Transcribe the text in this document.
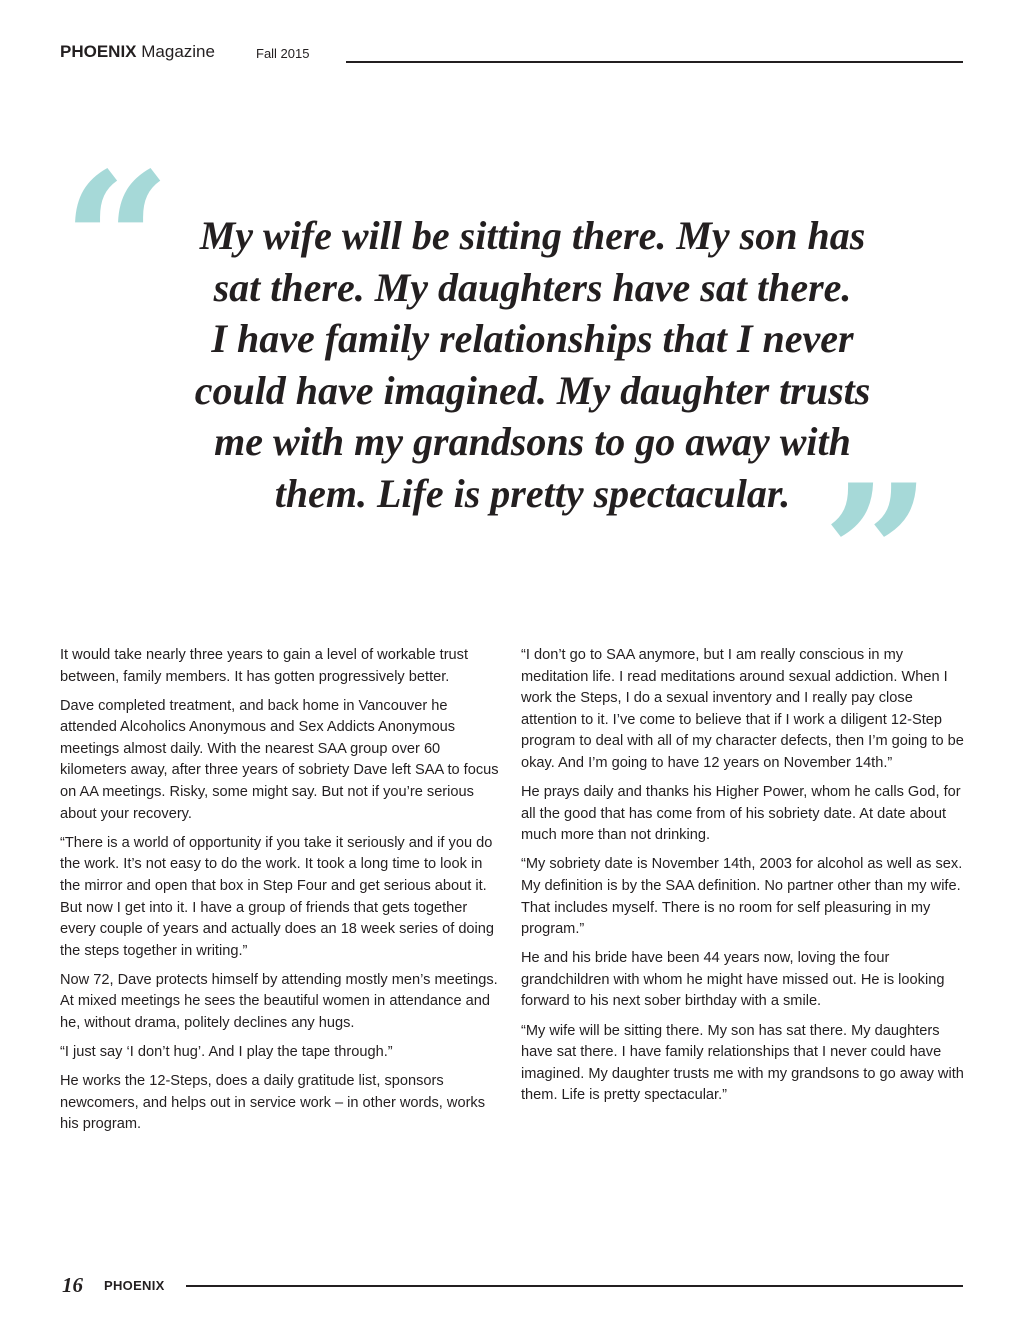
PHOENIX Magazine	Fall 2015
“ My wife will be sitting there. My son has
sat there. My daughters have sat there.
I have family relationships that I never
could have imagined. My daughter trusts
me with my grandsons to go away with
them. Life is pretty spectacular. ”

It would take nearly three years to gain a level of workable trust between, family members. It has gotten progressively better.

Dave completed treatment, and back home in Vancouver he attended Alcoholics Anonymous and Sex Addicts Anonymous meetings almost daily. With the nearest SAA group over 60 kilometers away, after three years of sobriety Dave left SAA to focus on AA meetings. Risky, some might say. But not if you’re serious about your recovery.

“There is a world of opportunity if you take it seriously and if you do the work. It’s not easy to do the work. It took a long time to look in the mirror and open that box in Step Four and get serious about it. But now I get into it. I have a group of friends that gets together every couple of years and actually does an 18 week series of doing the steps together in writing.”

Now 72, Dave protects himself by attending mostly men’s meetings. At mixed meetings he sees the beautiful women in attendance and he, without drama, politely declines any hugs.

“I just say ‘I don’t hug’. And I play the tape through.”

He works the 12-Steps, does a daily gratitude list, sponsors newcomers, and helps out in service work – in other words, works his program.

“I don’t go to SAA anymore, but I am really conscious in my meditation life. I read meditations around sexual addiction. When I work the Steps, I do a sexual inventory and I really pay close attention to it. I’ve come to believe that if I work a diligent 12-Step program to deal with all of my character defects, then I’m going to be okay. And I’m going to have 12 years on November 14th.”

He prays daily and thanks his Higher Power, whom he calls God, for all the good that has come from of his sobriety date. At date about much more than not drinking.

“My sobriety date is November 14th, 2003 for alcohol as well as sex. My definition is by the SAA definition. No partner other than my wife. That includes myself. There is no room for self pleasuring in my program.”

He and his bride have been 44 years now, loving the four grandchildren with whom he might have missed out. He is looking forward to his next sober birthday with a smile.

“My wife will be sitting there. My son has sat there. My daughters have sat there. I have family relationships that I never could have imagined. My daughter trusts me with my grandsons to go away with them. Life is pretty spectacular.”

16 PHOENIX
